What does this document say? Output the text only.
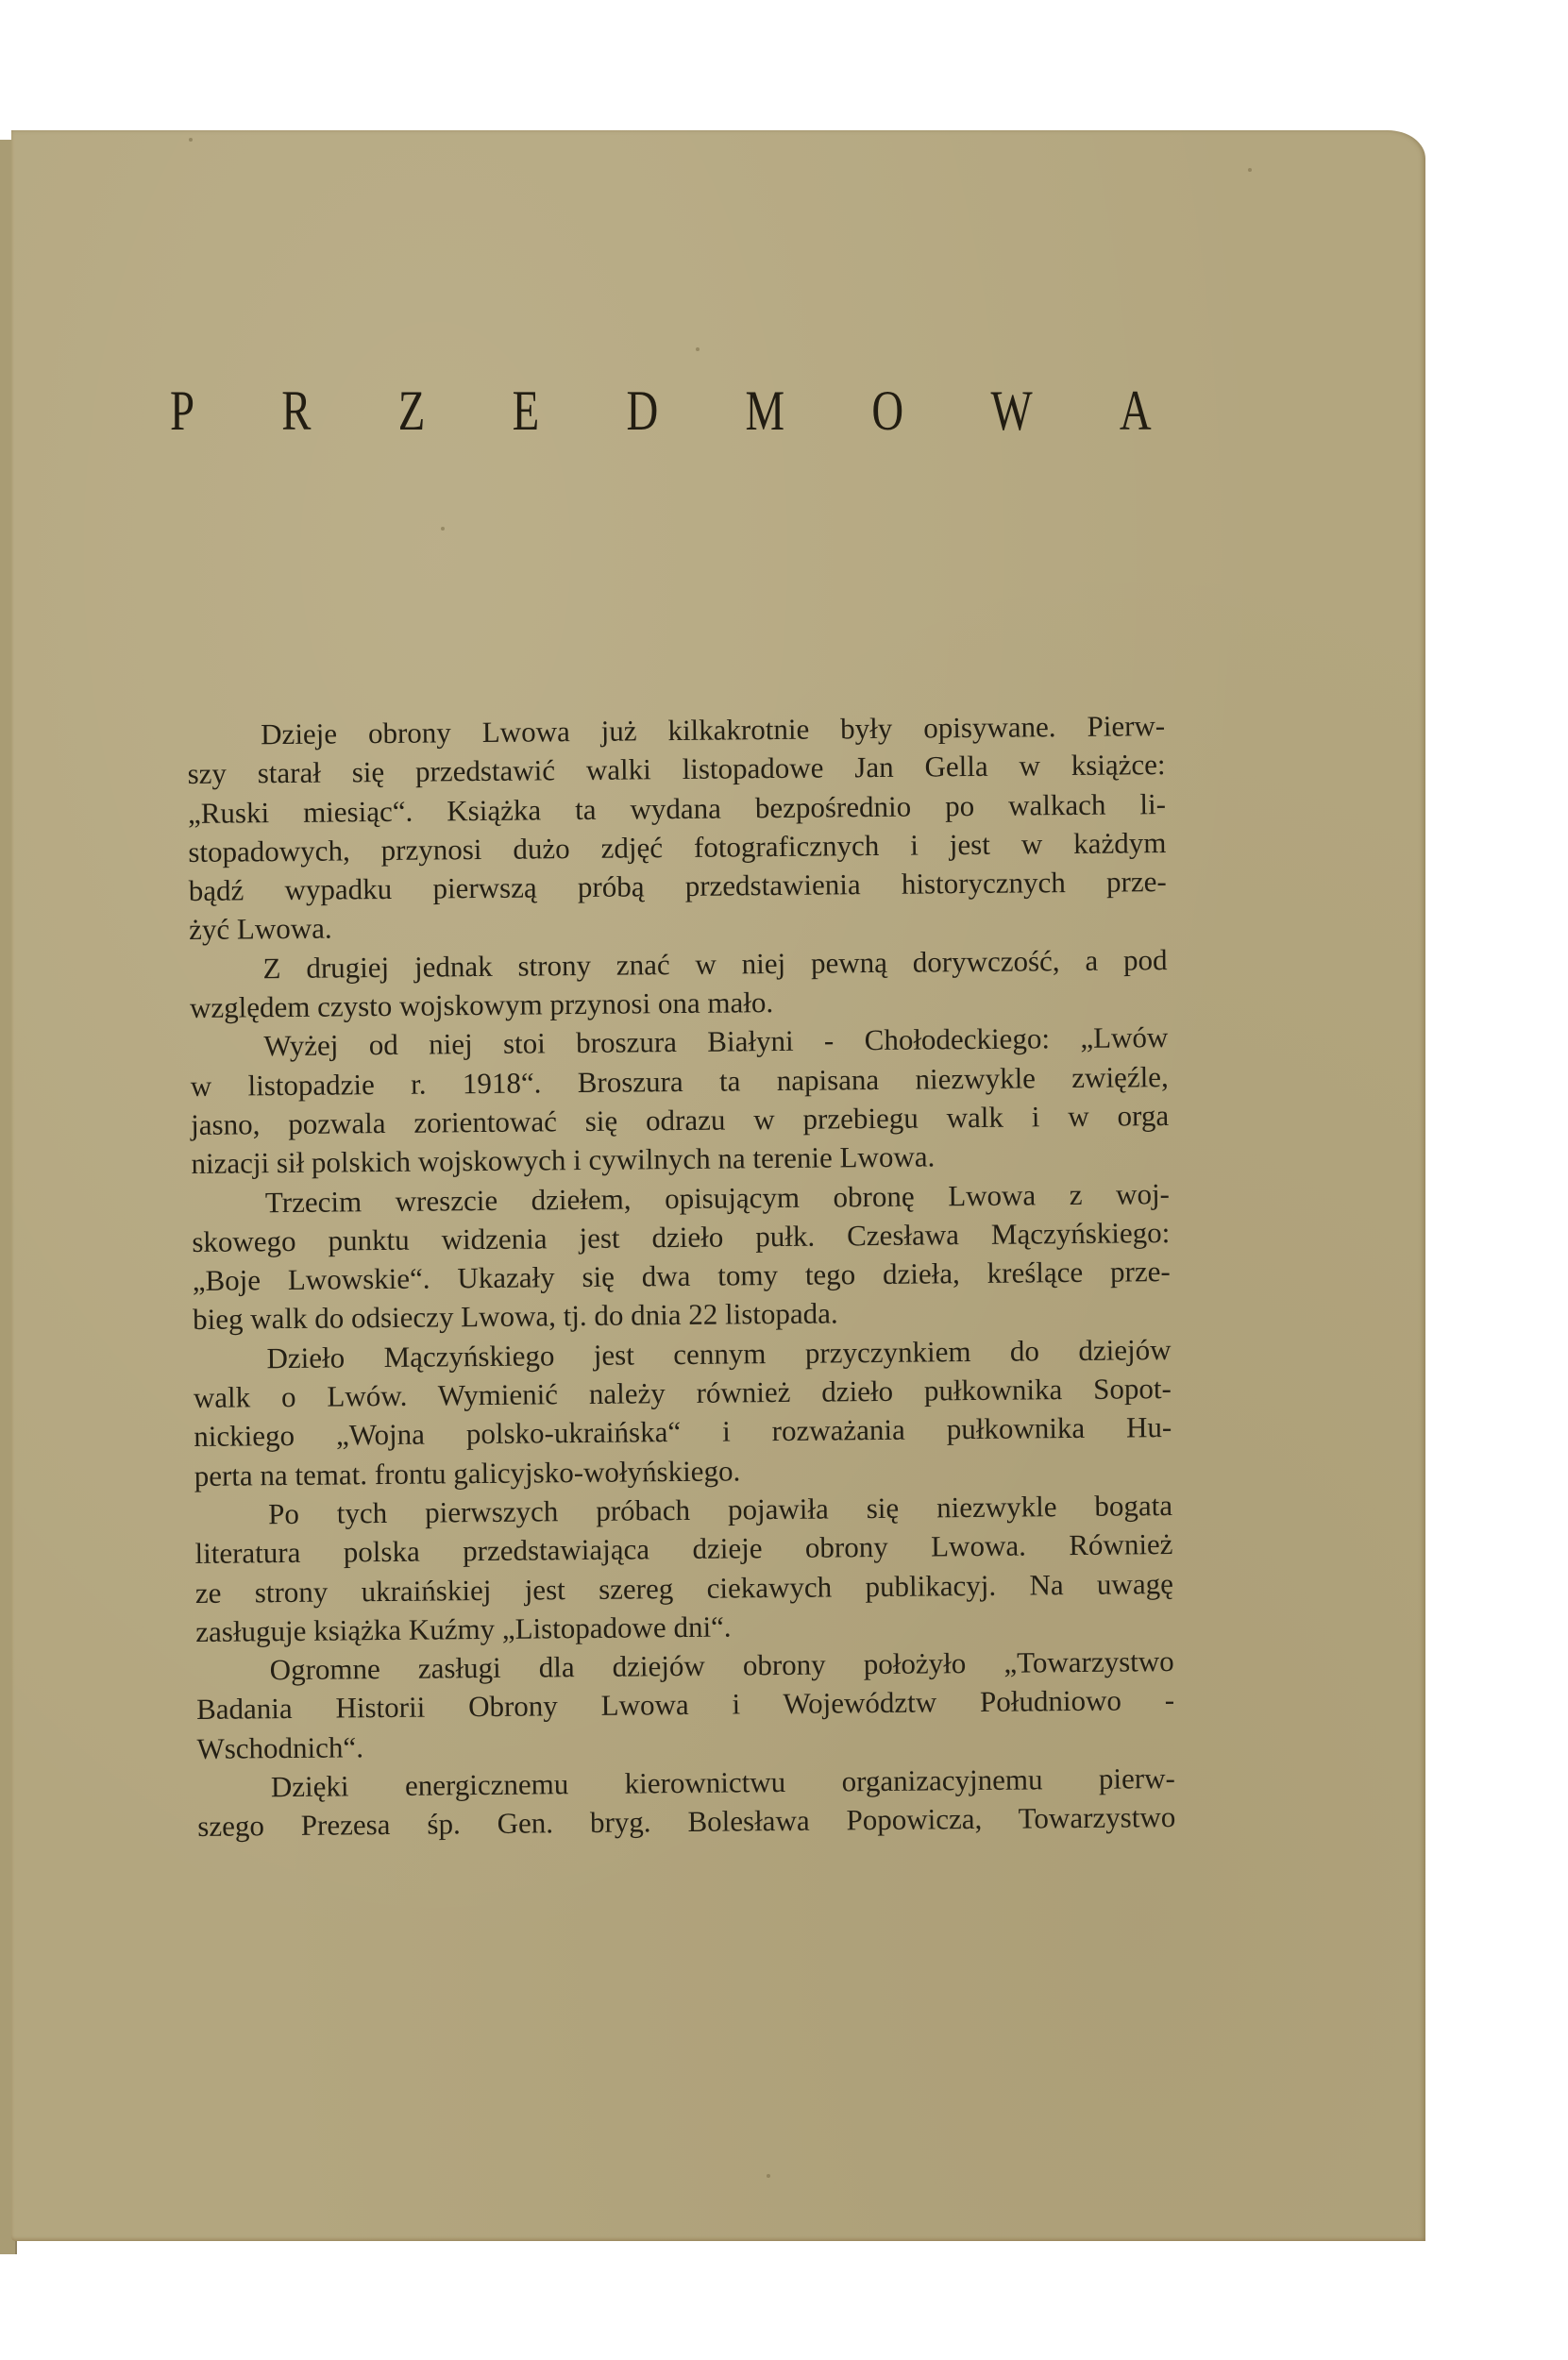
P R Z E D M O W A
Dzieje obrony Lwowa już kilkakrotnie były opisywane. Pierw-
szy starał się przedstawić walki listopadowe Jan Gella w książce:
„Ruski miesiąc“. Książka ta wydana bezpośrednio po walkach li-
stopadowych, przynosi dużo zdjęć fotograficznych i jest w każdym
bądź wypadku pierwszą próbą przedstawienia historycznych prze-
żyć Lwowa.
Z drugiej jednak strony znać w niej pewną dorywczość, a pod
względem czysto wojskowym przynosi ona mało.
Wyżej od niej stoi broszura Białyni - Chołodeckiego: „Lwów
w listopadzie r. 1918“. Broszura ta napisana niezwykle zwięźle,
jasno, pozwala zorientować się odrazu w przebiegu walk i w orga
nizacji sił polskich wojskowych i cywilnych na terenie Lwowa.
Trzecim wreszcie dziełem, opisującym obronę Lwowa z woj-
skowego punktu widzenia jest dzieło pułk. Czesława Mączyńskiego:
„Boje Lwowskie“. Ukazały się dwa tomy tego dzieła, kreślące prze-
bieg walk do odsieczy Lwowa, tj. do dnia 22 listopada.
Dzieło Mączyńskiego jest cennym przyczynkiem do dziejów
walk o Lwów. Wymienić należy również dzieło pułkownika Sopot-
nickiego „Wojna polsko-ukraińska“ i rozważania pułkownika Hu-
perta na temat. frontu galicyjsko-wołyńskiego.
Po tych pierwszych próbach pojawiła się niezwykle bogata
literatura polska przedstawiająca dzieje obrony Lwowa. Również
ze strony ukraińskiej jest szereg ciekawych publikacyj. Na uwagę
zasługuje książka Kuźmy „Listopadowe dni“.
Ogromne zasługi dla dziejów obrony położyło „Towarzystwo
Badania Historii Obrony Lwowa i Województw Południowo -
Wschodnich“.
Dzięki energicznemu kierownictwu organizacyjnemu pierw-
szego Prezesa śp. Gen. bryg. Bolesława Popowicza, Towarzystwo
